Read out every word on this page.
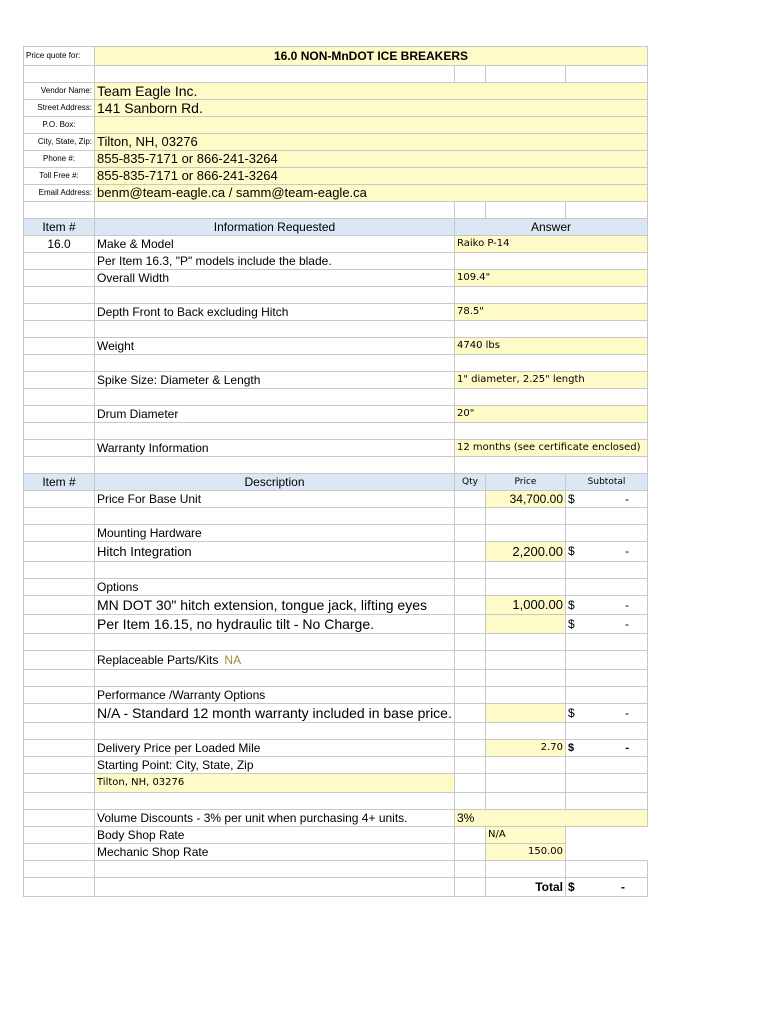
Price quote for:	16.0 NON-MnDOT ICE BREAKERS			

Vendor Name:	Team Eagle Inc.			
Street Address:	141 Sanborn Rd.			
P.O. Box:				
City, State, Zip:	Tilton, NH, 03276			
Phone #:	855-835-7171 or 866-241-3264			
Toll Free #:	855-835-7171 or 866-241-3264			
Email Address:	benm@team-eagle.ca / samm@team-eagle.ca			

Item #	Information Requested	Answer		
16.0	Make & Model	Raiko P-14		
	Per Item 16.3, "P" models include the blade.			
	Overall Width	109.4"		

	Depth Front to Back excluding Hitch	78.5"		

	Weight	4740 lbs		

	Spike Size: Diameter & Length	1" diameter, 2.25" length		

	Drum Diameter	20"		

	Warranty Information	12 months (see certificate enclosed)		

Item #	Description	Qty	Price	Subtotal
	Price For Base Unit		34,700.00	$ -

	Mounting Hardware			
	Hitch Integration		2,200.00	$ -

	Options			
	MN DOT 30" hitch extension, tongue jack, lifting eyes		1,000.00	$ -

	Per Item 16.15, no hydraulic tilt - No Charge.			$ -

	Replaceable Parts/Kits NA			

	Performance /Warranty Options			
	N/A - Standard 12 month warranty included in base price.			$ -

	Delivery Price per Loaded Mile		2.70	$ -

	Starting Point: City, State, Zip			
	Tilton, NH, 03276			

	Volume Discounts - 3% per unit when purchasing 4+ units.	3%		
	Body Shop Rate		N/A	
	Mechanic Shop Rate		150.00	

			Total	$ -
